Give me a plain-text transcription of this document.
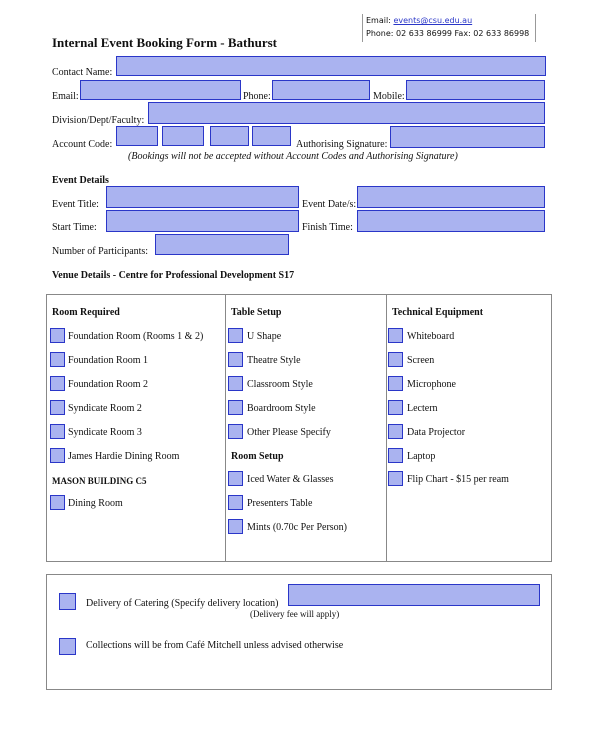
Email: events@csu.edu.au
Phone: 02 633 86999 Fax: 02 633 86998
Internal Event Booking Form - Bathurst
Contact Name:
Email:	Phone:	Mobile:
Division/Dept/Faculty:
Account Code:	Authorising Signature:
(Bookings will not be accepted without Account Codes and Authorising Signature)
Event Details
Event Title:	Event Date/s:
Start Time:	Finish Time:
Number of Participants:
Venue Details - Centre for Professional Development S17
Room Required
Foundation Room (Rooms 1 & 2)
Foundation Room 1
Foundation Room 2
Syndicate Room 2
Syndicate Room 3
James Hardie Dining Room
MASON BUILDING C5
Dining Room
Table Setup
U Shape
Theatre Style
Classroom Style
Boardroom Style
Other Please Specify
Room Setup
Iced Water & Glasses
Presenters Table
Mints (0.70c Per Person)
Technical Equipment
Whiteboard
Screen
Microphone
Lectern
Data Projector
Laptop
Flip Chart - $15 per ream
Delivery of Catering (Specify delivery location)
(Delivery fee will apply)
Collections will be from Café Mitchell unless advised otherwise
